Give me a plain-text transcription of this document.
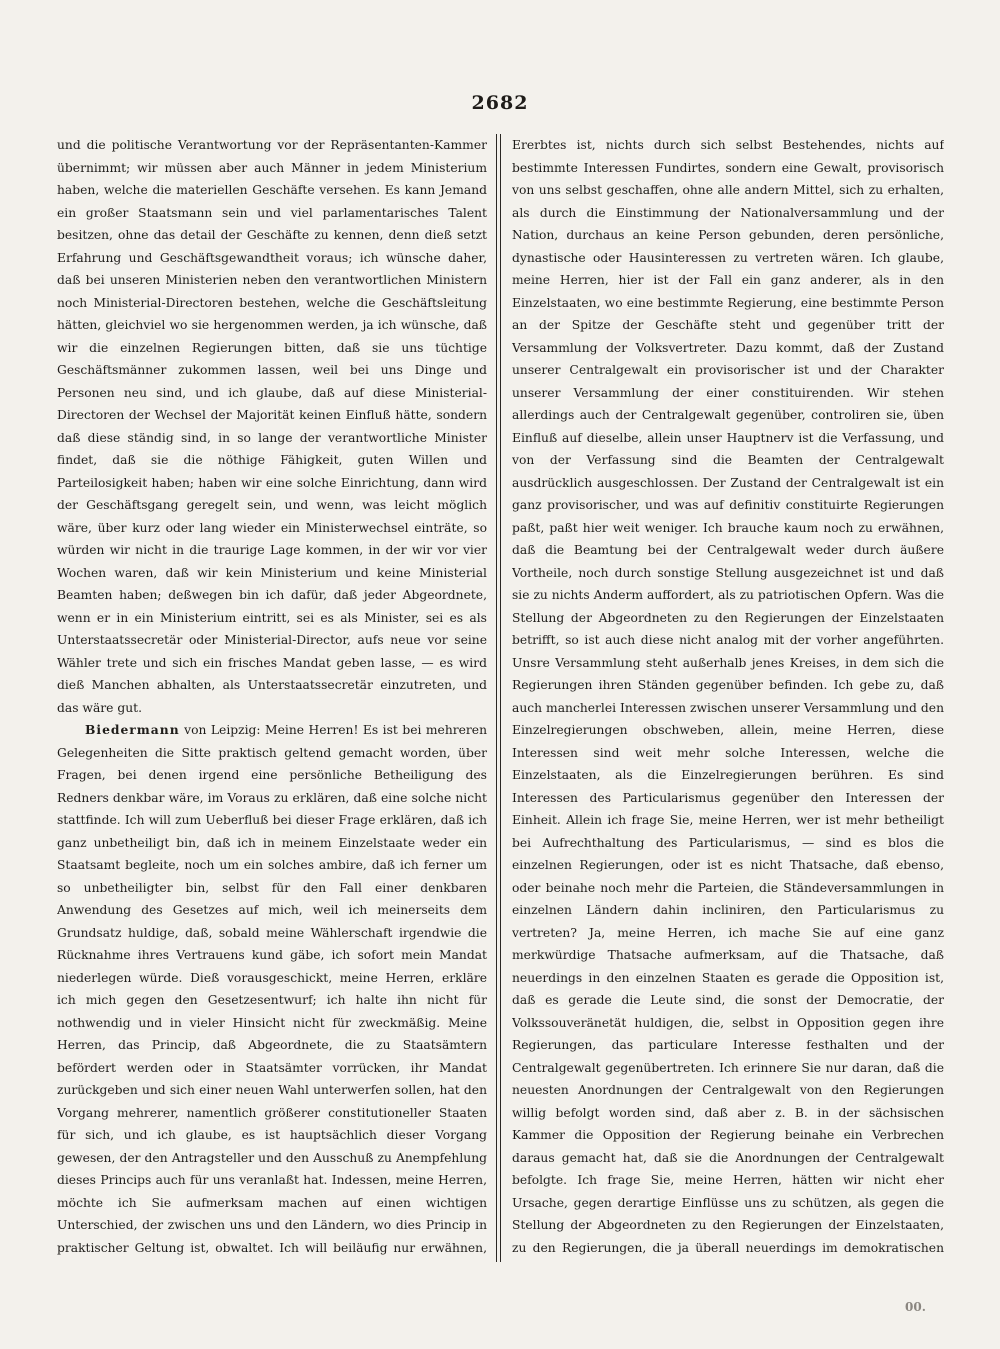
2682

und die politische Verantwortung vor der Repräsentanten-Kammer übernimmt; wir müssen aber auch Männer in jedem Ministerium haben, welche die materiellen Geschäfte versehen. Es kann Jemand ein großer Staatsmann sein und viel parlamentarisches Talent besitzen, ohne das detail der Geschäfte zu kennen, denn dieß setzt Erfahrung und Geschäftsgewandtheit voraus; ich wünsche daher, daß bei unseren Ministerien neben den verantwortlichen Ministern noch Ministerial-Directoren bestehen, welche die Geschäftsleitung hätten, gleichviel wo sie hergenommen werden, ja ich wünsche, daß wir die einzelnen Regierungen bitten, daß sie uns tüchtige Geschäftsmänner zukommen lassen, weil bei uns Dinge und Personen neu sind, und ich glaube, daß auf diese Ministerial-Directoren der Wechsel der Majorität keinen Einfluß hätte, sondern daß diese ständig sind, in so lange der verantwortliche Minister findet, daß sie die nöthige Fähigkeit, guten Willen und Parteilosigkeit haben; haben wir eine solche Einrichtung, dann wird der Geschäftsgang geregelt sein, und wenn, was leicht möglich wäre, über kurz oder lang wieder ein Ministerwechsel einträte, so würden wir nicht in die traurige Lage kommen, in der wir vor vier Wochen waren, daß wir kein Ministerium und keine Ministerial Beamten haben; deßwegen bin ich dafür, daß jeder Abgeordnete, wenn er in ein Ministerium eintritt, sei es als Minister, sei es als Unterstaatssecretär oder Ministerial-Director, aufs neue vor seine Wähler trete und sich ein frisches Mandat geben lasse, — es wird dieß Manchen abhalten, als Unterstaatssecretär einzutreten, und das wäre gut.

Biedermann von Leipzig: Meine Herren! Es ist bei mehreren Gelegenheiten die Sitte praktisch geltend gemacht worden, über Fragen, bei denen irgend eine persönliche Betheiligung des Redners denkbar wäre, im Voraus zu erklären, daß eine solche nicht stattfinde. Ich will zum Ueberfluß bei dieser Frage erklären, daß ich ganz unbetheiligt bin, daß ich in meinem Einzelstaate weder ein Staatsamt begleite, noch um ein solches ambire, daß ich ferner um so unbetheiligter bin, selbst für den Fall einer denkbaren Anwendung des Gesetzes auf mich, weil ich meinerseits dem Grundsatz huldige, daß, sobald meine Wählerschaft irgendwie die Rücknahme ihres Vertrauens kund gäbe, ich sofort mein Mandat niederlegen würde. Dieß vorausgeschickt, meine Herren, erkläre ich mich gegen den Gesetzesentwurf; ich halte ihn nicht für nothwendig und in vieler Hinsicht nicht für zweckmäßig. Meine Herren, das Princip, daß Abgeordnete, die zu Staatsämtern befördert werden oder in Staatsämter vorrücken, ihr Mandat zurückgeben und sich einer neuen Wahl unterwerfen sollen, hat den Vorgang mehrerer, namentlich größerer constitutioneller Staaten für sich, und ich glaube, es ist hauptsächlich dieser Vorgang gewesen, der den Antragsteller und den Ausschuß zu Anempfehlung dieses Princips auch für uns veranlaßt hat. Indessen, meine Herren, möchte ich Sie aufmerksam machen auf einen wichtigen Unterschied, der zwischen uns und den Ländern, wo dies Princip in praktischer Geltung ist, obwaltet. Ich will beiläufig nur erwähnen,

Ererbtes ist, nichts durch sich selbst Bestehendes, nichts auf bestimmte Interessen Fundirtes, sondern eine Gewalt, provisorisch von uns selbst geschaffen, ohne alle andern Mittel, sich zu erhalten, als durch die Einstimmung der Nationalversammlung und der Nation, durchaus an keine Person gebunden, deren persönliche, dynastische oder Hausinteressen zu vertreten wären. Ich glaube, meine Herren, hier ist der Fall ein ganz anderer, als in den Einzelstaaten, wo eine bestimmte Regierung, eine bestimmte Person an der Spitze der Geschäfte steht und gegenüber tritt der Versammlung der Volksvertreter. Dazu kommt, daß der Zustand unserer Centralgewalt ein provisorischer ist und der Charakter unserer Versammlung der einer constituirenden. Wir stehen allerdings auch der Centralgewalt gegenüber, controliren sie, üben Einfluß auf dieselbe, allein unser Hauptnerv ist die Verfassung, und von der Verfassung sind die Beamten der Centralgewalt ausdrücklich ausgeschlossen. Der Zustand der Centralgewalt ist ein ganz provisorischer, und was auf definitiv constituirte Regierungen paßt, paßt hier weit weniger. Ich brauche kaum noch zu erwähnen, daß die Beamtung bei der Centralgewalt weder durch äußere Vortheile, noch durch sonstige Stellung ausgezeichnet ist und daß sie zu nichts Anderm auffordert, als zu patriotischen Opfern. Was die Stellung der Abgeordneten zu den Regierungen der Einzelstaaten betrifft, so ist auch diese nicht analog mit der vorher angeführten. Unsre Versammlung steht außerhalb jenes Kreises, in dem sich die Regierungen ihren Ständen gegenüber befinden. Ich gebe zu, daß auch mancherlei Interessen zwischen unserer Versammlung und den Einzelregierungen obschweben, allein, meine Herren, diese Interessen sind weit mehr solche Interessen, welche die Einzelstaaten, als die Einzelregierungen berühren. Es sind Interessen des Particularismus gegenüber den Interessen der Einheit. Allein ich frage Sie, meine Herren, wer ist mehr betheiligt bei Aufrechthaltung des Particularismus, — sind es blos die einzelnen Regierungen, oder ist es nicht Thatsache, daß ebenso, oder beinahe noch mehr die Parteien, die Ständeversammlungen in einzelnen Ländern dahin incliniren, den Particularismus zu vertreten? Ja, meine Herren, ich mache Sie auf eine ganz merkwürdige Thatsache aufmerksam, auf die Thatsache, daß neuerdings in den einzelnen Staaten es gerade die Opposition ist, daß es gerade die Leute sind, die sonst der Democratie, der Volkssouveränetät huldigen, die, selbst in Opposition gegen ihre Regierungen, das particulare Interesse festhalten und der Centralgewalt gegenübertreten. Ich erinnere Sie nur daran, daß die neuesten Anordnungen der Centralgewalt von den Regierungen willig befolgt worden sind, daß aber z. B. in der sächsischen Kammer die Opposition der Regierung beinahe ein Verbrechen daraus gemacht hat, daß sie die Anordnungen der Centralgewalt befolgte. Ich frage Sie, meine Herren, hätten wir nicht eher Ursache, gegen derartige Einflüsse uns zu schützen, als gegen die Stellung der Abgeordneten zu den Regierungen der Einzelstaaten, zu den Regierungen, die ja überall neuerdings im demokratischen

00.
